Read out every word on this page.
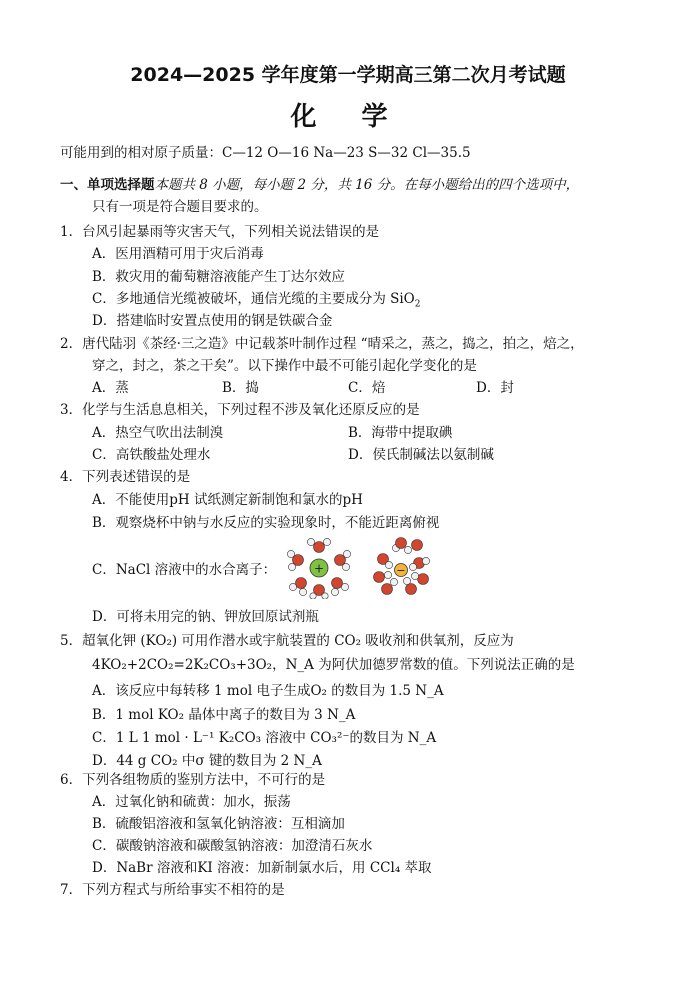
2024—2025 学年度第一学期高三第二次月考试题
化 学
可能用到的相对原子质量：C—12 O—16 Na—23 S—32 Cl—35.5
一、单项选择题本题共 8 小题，每小题 2 分，共 16 分。在每小题给出的四个选项中，
只有一项是符合题目要求的。
1．台风引起暴雨等灾害天气，下列相关说法错误的是
A．医用酒精可用于灾后消毒
B．救灾用的葡萄糖溶液能产生丁达尔效应
C．多地通信光缆被破坏，通信光缆的主要成分为 SiO$_2$
D．搭建临时安置点使用的钢是铁碳合金
2．唐代陆羽《茶经·三之造》中记载茶叶制作过程 “晴采之，蒸之，捣之，拍之，焙之，
穿之，封之，茶之干矣”。以下操作中最不可能引起化学变化的是
A．蒸	B．捣	C．焙	D．封
3．化学与生活息息相关，下列过程不涉及氧化还原反应的是
A．热空气吹出法制溴	B．海带中提取碘
C．高铁酸盐处理水	D．侯氏制碱法以氨制碱
4．下列表述错误的是
A．不能使用pH 试纸测定新制饱和氯水的pH
B．观察烧杯中钠与水反应的实验现象时，不能近距离俯视
C．NaCl 溶液中的水合离子：	+	−
D．可将未用完的钠、钾放回原试剂瓶
5．超氧化钾 (KO₂) 可用作潜水或宇航装置的 CO₂ 吸收剂和供氧剂，反应为
4KO₂+2CO₂=2K₂CO₃+3O₂，N_A 为阿伏加德罗常数的值。下列说法正确的是
A．该反应中每转移 1 mol 电子生成O₂ 的数目为 1.5 N_A
B．1 mol KO₂ 晶体中离子的数目为 3 N_A
C．1 L 1 mol · L⁻¹ K₂CO₃ 溶液中 CO₃²⁻的数目为 N_A
D．44 g CO₂ 中σ 键的数目为 2 N_A
6．下列各组物质的鉴别方法中，不可行的是
A．过氧化钠和硫黄：加水，振荡
B．硫酸铝溶液和氢氧化钠溶液：互相滴加
C．碳酸钠溶液和碳酸氢钠溶液：加澄清石灰水
D．NaBr 溶液和KI 溶液：加新制氯水后，用 CCl₄ 萃取
7．下列方程式与所给事实不相符的是
